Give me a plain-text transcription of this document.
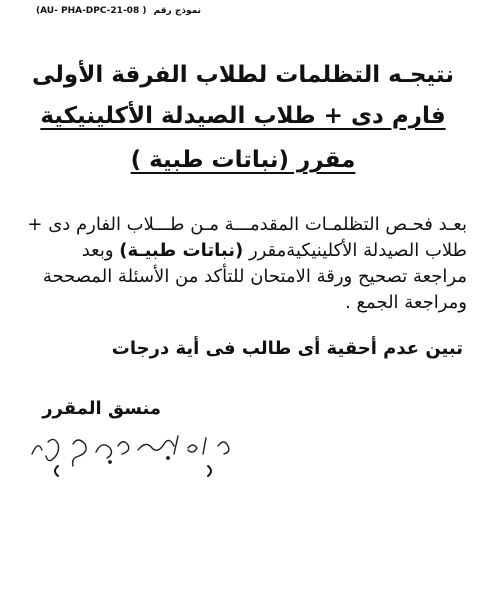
(AU- PHA-DPC-21-08 ) نموذج رقم
نتيجـه التظلمات لطلاب الفرقة الأولى
فارم دى + طلاب الصيدلة الأكلينيكية
مقرر (نباتات طبية )

بعـد فحـص التظلمـات المقدمـــة مـن طـــلاب الفارم دى + طلاب الصيدلة الأكلينيكيةمقرر (نباتات طبيـة) وبعد مراجعة تصحيح ورقة الامتحان للتأكد من الأسئلة المصححة ومراجعة الجمع .

تبين عدم أحقية أى طالب فى أية درجات
منسق المقرر
